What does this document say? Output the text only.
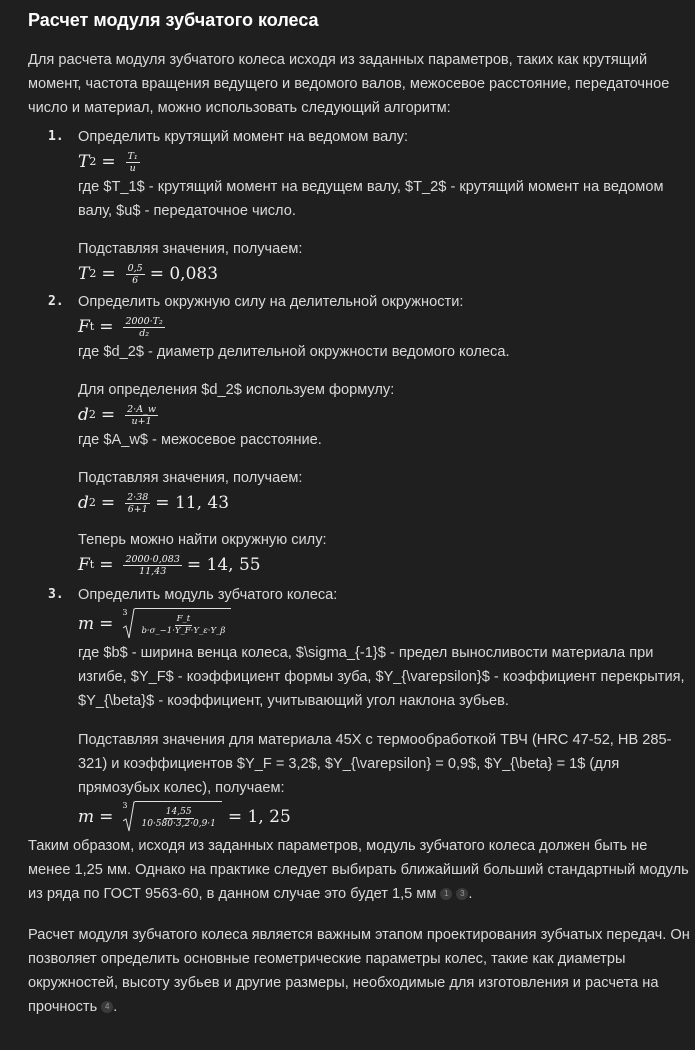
Расчет модуля зубчатого колеса

Для расчета модуля зубчатого колеса исходя из заданных параметров, таких как крутящий момент, частота вращения ведущего и ведомого валов, межосевое расстояние, передаточное число и материал, можно использовать следующий алгоритм:

1. Определить крутящий момент на ведомом валу:

T $2 = \frac{\text{T₁}}{u}$

где $T_1$ - крутящий момент на ведущем валу, $T_2$ - крутящий момент на ведомом валу, $u$ - передаточное число.

Подставляя значения, получаем:

T $2 = \frac{0,5}{6} = 0,083$
2. Определить окружную силу на делительной окружности:

F $t = \frac{\text{2000·T₂}}{\text{d₂}}$

где $d_2$ - диаметр делительной окружности ведомого колеса.

Для определения $d_2$ используем формулу:

d $2 = \frac{2\cdot A\_w}{u+1}$

где $A_w$ - межосевое расстояние.

Подставляя значения, получаем:

d $2 = \frac{2\cdot 38}{6+1} = 11$, 43

Теперь можно найти окружную силу:

F $t = \frac{2000\cdot 0,083}{11,43} = 14$, 55
3. Определить модуль зубчатого колеса:

m =
3
$\frac{F\_t}{b\cdot\sigma\_-1\cdot Y\_F\cdot Y\_\varepsilon\cdot Y\_\beta}$

где $b$ - ширина венца колеса, $\sigma_{-1}$ - предел выносливости материала при изгибе, $Y_F$ - коэффициент формы зуба, $Y_{\varepsilon}$ - коэффициент перекрытия, $Y_{\beta}$ - коэффициент, учитывающий угол наклона зубьев.

Подставляя значения для материала 45Х с термообработкой ТВЧ (HRC 47-52, HB 285-321) и коэффициентов $Y_F = 3,2$, $Y_{\varepsilon} = 0,9$, $Y_{\beta} = 1$ (для прямозубых колес), получаем:

m =
3
$\frac{14,55}{10\cdot 580\cdot 3,2\cdot 0,9\cdot 1} = 1$, 25

Таким образом, исходя из заданных параметров, модуль зубчатого колеса должен быть не менее 1,25 мм. Однако на практике следует выбирать ближайший больший стандартный модуль из ряда по ГОСТ 9563-60, в данном случае это будет 1,5 мм 1 3 .

Расчет модуля зубчатого колеса является важным этапом проектирования зубчатых передач. Он позволяет определить основные геометрические параметры колес, такие как диаметры окружностей, высоту зубьев и другие размеры, необходимые для изготовления и расчета на прочность 4 .
